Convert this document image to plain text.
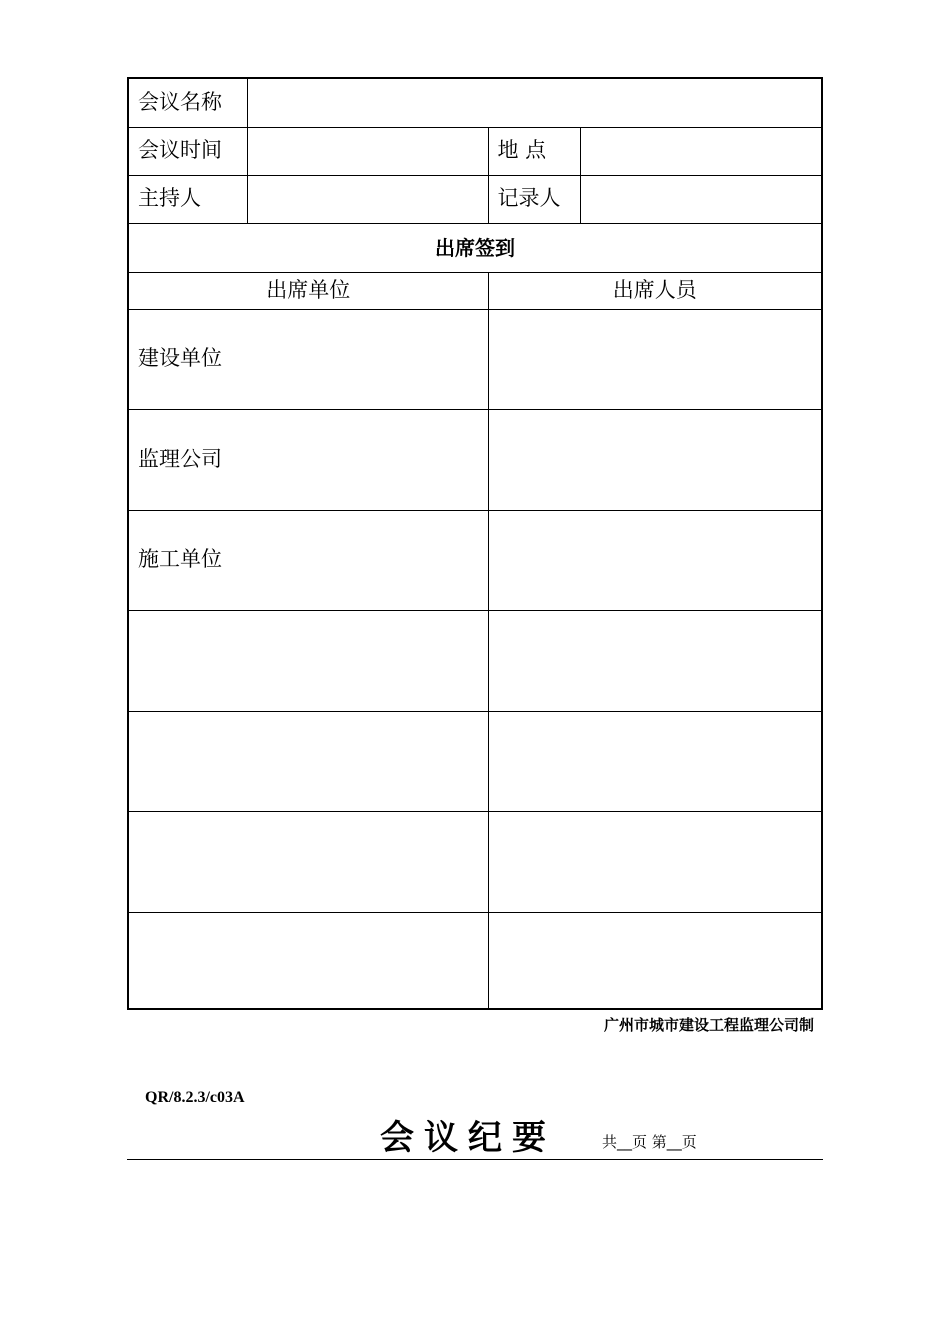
会议名称			
会议时间		地 点	
主持人		记录人	
出席签到			
出席单位		出席人员	
建设单位			
监理公司			
施工单位			

广州市城市建设工程监理公司制
QR/8.2.3/c03A
会议纪要	共__页 第__页
